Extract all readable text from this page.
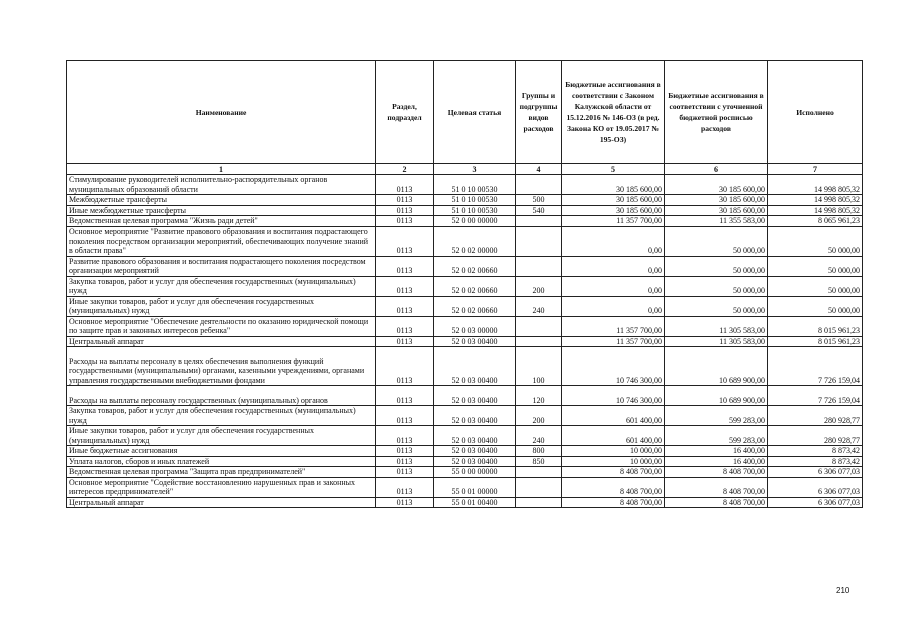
Наименование	Раздел, подраздел	Целевая статья	Группы и подгруппы видов расходов	Бюджетные ассигнования в соответствии с Законом Калужской области от 15.12.2016 № 146-ОЗ (в ред. Закона КО от 19.05.2017 № 195-ОЗ)	Бюджетные ассигнования в соответствии с уточненной бюджетной росписью расходов	Исполнено
1	2	3	4	5	6	7
Стимулирование руководителей исполнительно-распорядительных органов муниципальных образований области	0113	51 0 10 00530		30 185 600,00	30 185 600,00	14 998 805,32
Межбюджетные трансферты	0113	51 0 10 00530	500	30 185 600,00	30 185 600,00	14 998 805,32
Иные межбюджетные трансферты	0113	51 0 10 00530	540	30 185 600,00	30 185 600,00	14 998 805,32
Ведомственная целевая программа "Жизнь ради детей"	0113	52 0 00 00000		11 357 700,00	11 355 583,00	8 065 961,23
Основное мероприятие "Развитие правового образования и воспитания подрастающего поколения посредством организации мероприятий, обеспечивающих получение знаний в области права"	0113	52 0 02 00000		0,00	50 000,00	50 000,00
Развитие правового образования и воспитания подрастающего поколения посредством организации мероприятий	0113	52 0 02 00660		0,00	50 000,00	50 000,00
Закупка товаров, работ и услуг для обеспечения государственных (муниципальных) нужд	0113	52 0 02 00660	200	0,00	50 000,00	50 000,00
Иные закупки товаров, работ и услуг для обеспечения государственных (муниципальных) нужд	0113	52 0 02 00660	240	0,00	50 000,00	50 000,00
Основное мероприятие "Обеспечение деятельности по оказанию юридической помощи по защите прав и законных интересов ребенка"	0113	52 0 03 00000		11 357 700,00	11 305 583,00	8 015 961,23
Центральный аппарат	0113	52 0 03 00400		11 357 700,00	11 305 583,00	8 015 961,23
Расходы на выплаты персоналу в целях обеспечения выполнения функций государственными (муниципальными) органами, казенными учреждениями, органами управления государственными внебюджетными фондами	0113	52 0 03 00400	100	10 746 300,00	10 689 900,00	7 726 159,04
Расходы на выплаты персоналу государственных (муниципальных) органов	0113	52 0 03 00400	120	10 746 300,00	10 689 900,00	7 726 159,04
Закупка товаров, работ и услуг для обеспечения государственных (муниципальных) нужд	0113	52 0 03 00400	200	601 400,00	599 283,00	280 928,77
Иные закупки товаров, работ и услуг для обеспечения государственных (муниципальных) нужд	0113	52 0 03 00400	240	601 400,00	599 283,00	280 928,77
Иные бюджетные ассигнования	0113	52 0 03 00400	800	10 000,00	16 400,00	8 873,42
Уплата налогов, сборов и иных платежей	0113	52 0 03 00400	850	10 000,00	16 400,00	8 873,42
Ведомственная целевая программа "Защита прав предпринимателей"	0113	55 0 00 00000		8 408 700,00	8 408 700,00	6 306 077,03
Основное мероприятие "Содействие восстановлению нарушенных прав и законных интересов предпринимателей"	0113	55 0 01 00000		8 408 700,00	8 408 700,00	6 306 077,03
Центральный аппарат	0113	55 0 01 00400		8 408 700,00	8 408 700,00	6 306 077,03
210
